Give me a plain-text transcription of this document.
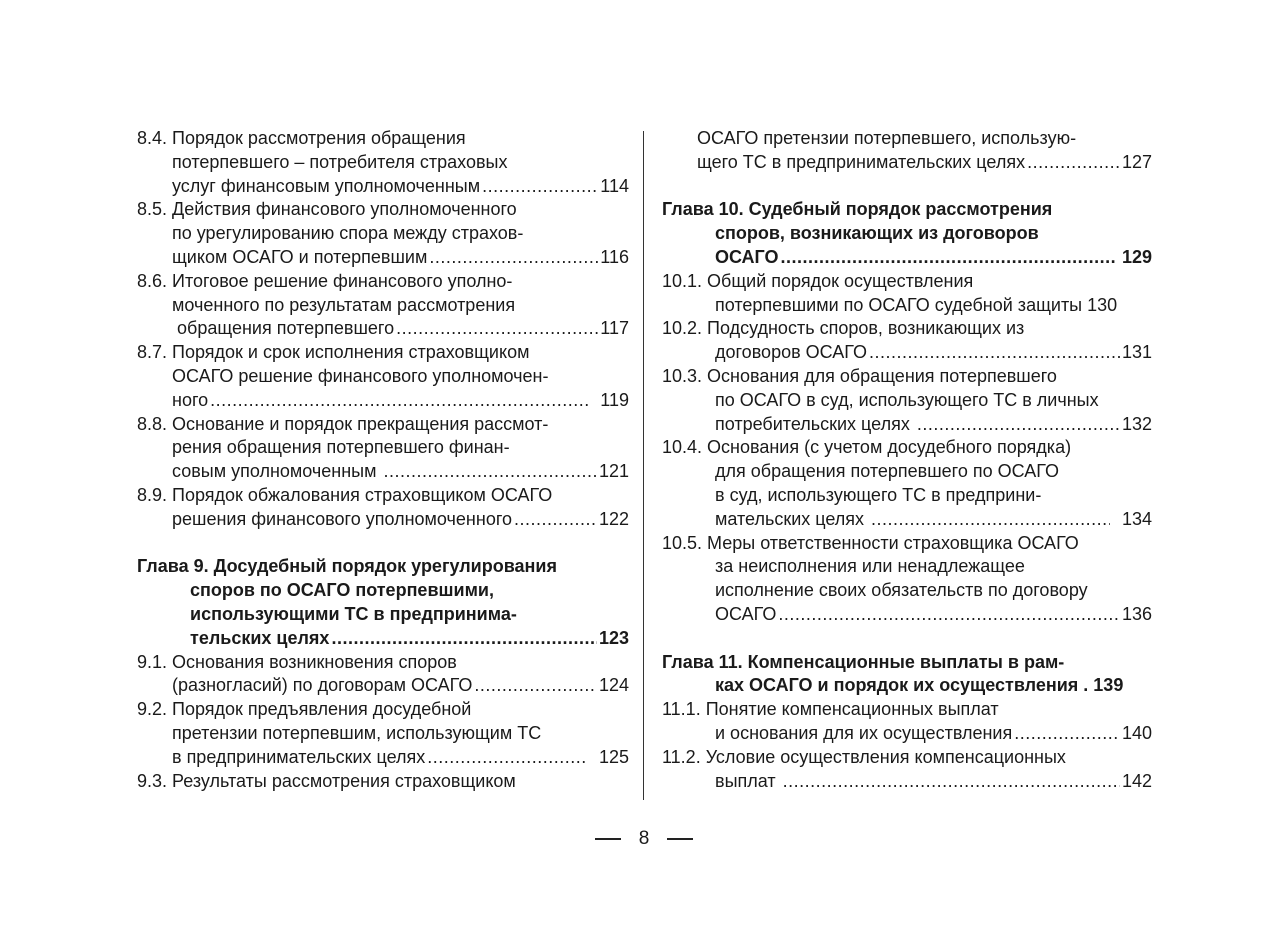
8.4. Порядок рассмотрения обращения
потерпевшего – потребителя страховых
услуг финансовым уполномоченным .....	114
8.5. Действия финансового уполномоченного
по урегулированию спора между страхов-
щиком ОСАГО и потерпевшим .....	116
8.6. Итоговое решение финансового уполно-
моченного по результатам рассмотрения
обращения потерпевшего .....	117
8.7. Порядок и срок исполнения страховщиком
ОСАГО решение финансового уполномочен-
ного .....	119
8.8. Основание и порядок прекращения рассмот-
рения обращения потерпевшего финан-
совым уполномоченным .....	121
8.9. Порядок обжалования страховщиком ОСАГО
решения финансового уполномоченного .....	122
Глава 9. Досудебный порядок урегулирования
споров по ОСАГО потерпевшими,
использующими ТС в предпринима-
тельских целях .....	123
9.1. Основания возникновения споров
(разногласий) по договорам ОСАГО .....	124
9.2. Порядок предъявления досудебной
претензии потерпевшим, использующим ТС
в предпринимательских целях .....	125
9.3. Результаты рассмотрения страховщиком
ОСАГО претензии потерпевшего, использую-
щего ТС в предпринимательских целях .....	127
Глава 10. Судебный порядок рассмотрения
споров, возникающих из договоров
ОСАГО .....	129
10.1. Общий порядок осуществления
потерпевшими по ОСАГО судебной защиты 130
10.2. Подсудность споров, возникающих из
договоров ОСАГО .....	131
10.3. Основания для обращения потерпевшего
по ОСАГО в суд, использующего ТС в личных
потребительских целях .....	132
10.4. Основания (с учетом досудебного порядка)
для обращения потерпевшего по ОСАГО
в суд, использующего ТС в предприни-
мательских целях .....	134
10.5. Меры ответственности страховщика ОСАГО
за неисполнения или ненадлежащее
исполнение своих обязательств по договору
ОСАГО .....	136
Глава 11. Компенсационные выплаты в рам-
ках ОСАГО и порядок их осуществления . 139
11.1. Понятие компенсационных выплат
и основания для их осуществления .....	140
11.2. Условие осуществления компенсационных
выплат .....	142
8
